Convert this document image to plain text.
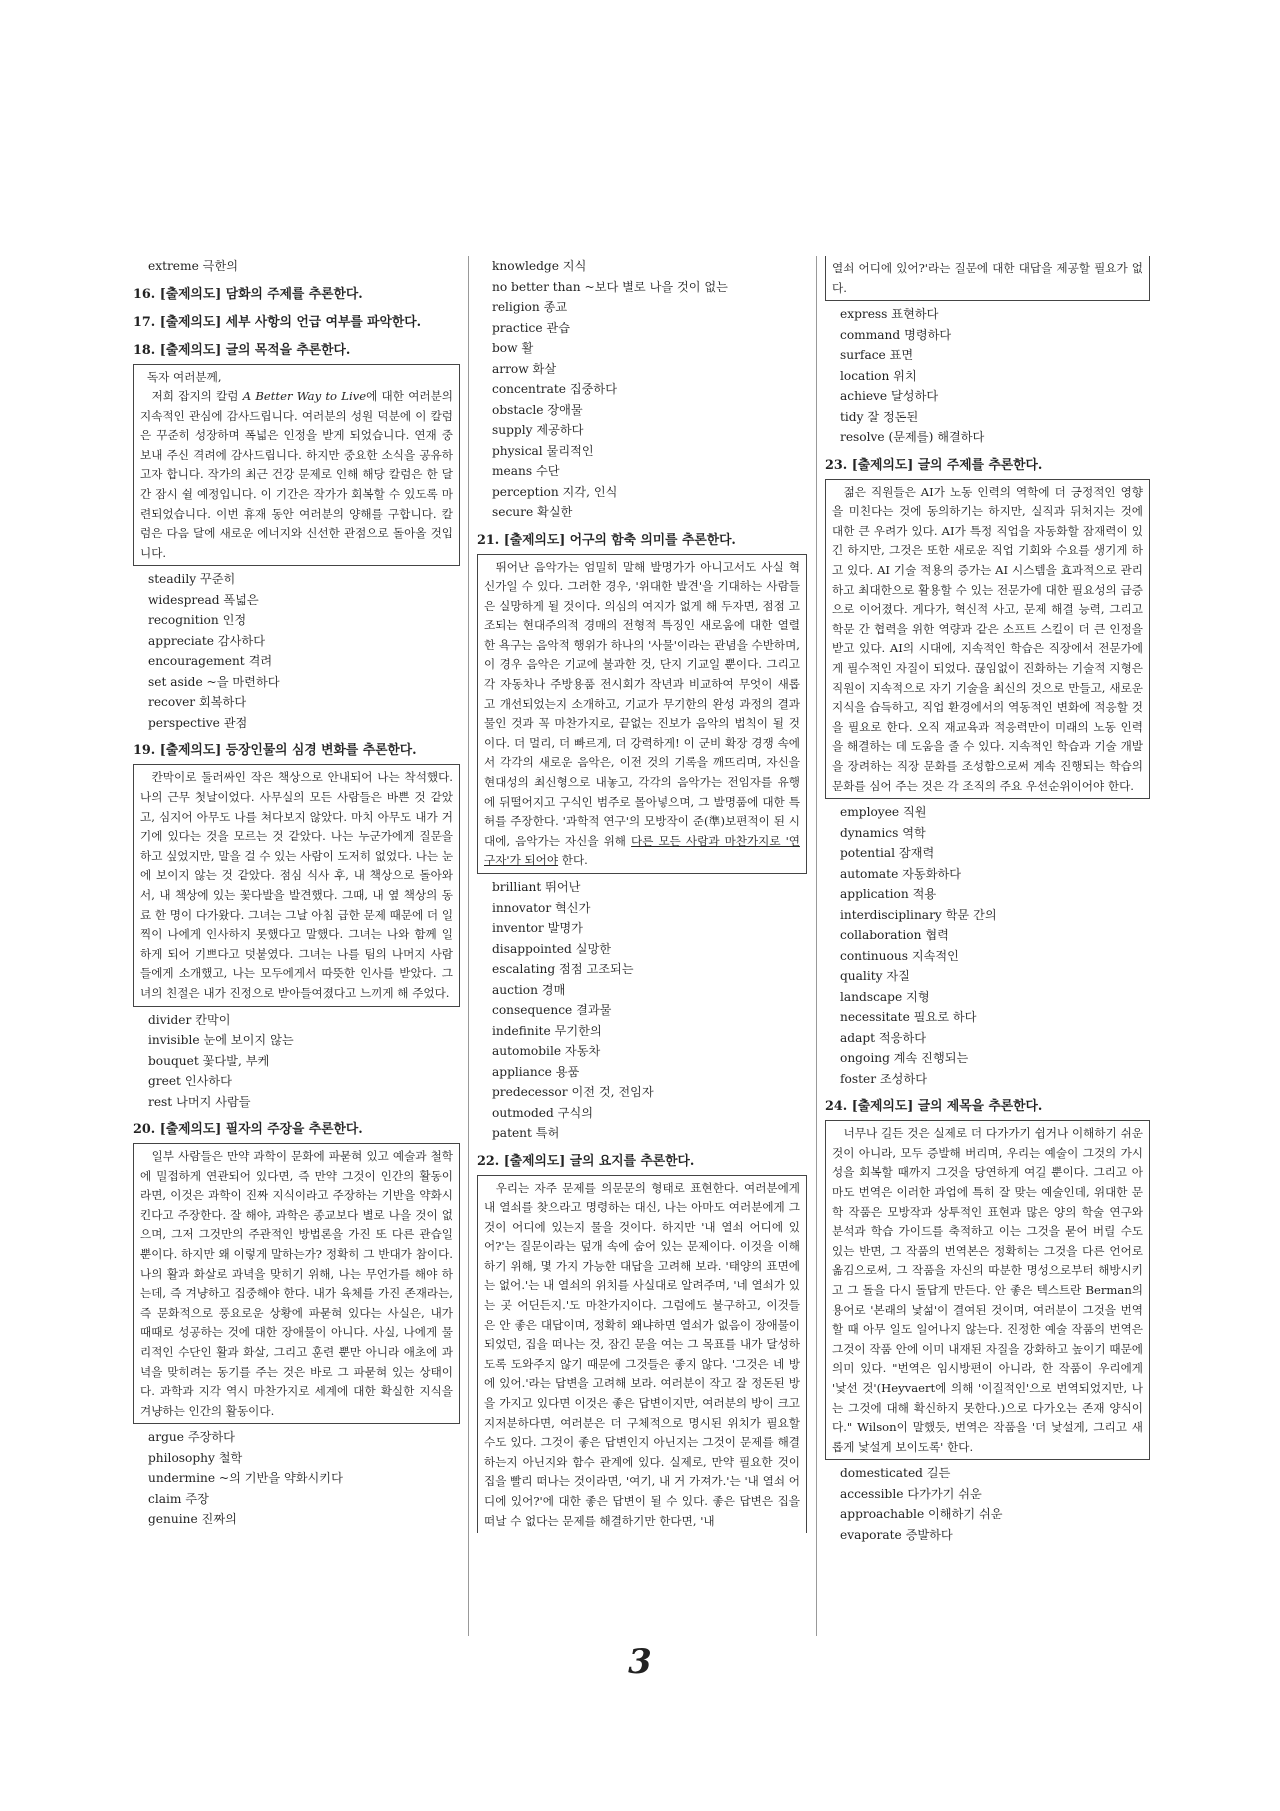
extreme 극한의
16. [출제의도] 담화의 주제를 추론한다.
17. [출제의도] 세부 사항의 언급 여부를 파악한다.
18. [출제의도] 글의 목적을 추론한다.

독자 여러분께,

저희 잡지의 칼럼 A Better Way to Live에 대한 여러분의 지속적인 관심에 감사드립니다. 여러분의 성원 덕분에 이 칼럼은 꾸준히 성장하며 폭넓은 인정을 받게 되었습니다. 연재 중 보내 주신 격려에 감사드립니다. 하지만 중요한 소식을 공유하고자 합니다. 작가의 최근 건강 문제로 인해 해당 칼럼은 한 달간 잠시 쉴 예정입니다. 이 기간은 작가가 회복할 수 있도록 마련되었습니다. 이번 휴재 동안 여러분의 양해를 구합니다. 칼럼은 다음 달에 새로운 에너지와 신선한 관점으로 돌아올 것입니다.

steadily 꾸준히
widespread 폭넓은
recognition 인정
appreciate 감사하다
encouragement 격려
set aside ~을 마련하다
recover 회복하다
perspective 관점
19. [출제의도] 등장인물의 심경 변화를 추론한다.

칸막이로 둘러싸인 작은 책상으로 안내되어 나는 착석했다. 나의 근무 첫날이었다. 사무실의 모든 사람들은 바쁜 것 같았고, 심지어 아무도 나를 쳐다보지 않았다. 마치 아무도 내가 거기에 있다는 것을 모르는 것 같았다. 나는 누군가에게 질문을 하고 싶었지만, 말을 걸 수 있는 사람이 도저히 없었다. 나는 눈에 보이지 않는 것 같았다. 점심 식사 후, 내 책상으로 돌아와서, 내 책상에 있는 꽃다발을 발견했다. 그때, 내 옆 책상의 동료 한 명이 다가왔다. 그녀는 그날 아침 급한 문제 때문에 더 일찍이 나에게 인사하지 못했다고 말했다. 그녀는 나와 함께 일하게 되어 기쁘다고 덧붙였다. 그녀는 나를 팀의 나머지 사람들에게 소개했고, 나는 모두에게서 따뜻한 인사를 받았다. 그녀의 친절은 내가 진정으로 받아들여졌다고 느끼게 해 주었다.

divider 칸막이
invisible 눈에 보이지 않는
bouquet 꽃다발, 부케
greet 인사하다
rest 나머지 사람들
20. [출제의도] 필자의 주장을 추론한다.

일부 사람들은 만약 과학이 문화에 파묻혀 있고 예술과 철학에 밀접하게 연관되어 있다면, 즉 만약 그것이 인간의 활동이라면, 이것은 과학이 진짜 지식이라고 주장하는 기반을 약화시킨다고 주장한다. 잘 해야, 과학은 종교보다 별로 나을 것이 없으며, 그저 그것만의 주관적인 방법론을 가진 또 다른 관습일 뿐이다. 하지만 왜 이렇게 말하는가? 정확히 그 반대가 참이다. 나의 활과 화살로 과녁을 맞히기 위해, 나는 무언가를 해야 하는데, 즉 겨냥하고 집중해야 한다. 내가 육체를 가진 존재라는, 즉 문화적으로 풍요로운 상황에 파묻혀 있다는 사실은, 내가 때때로 성공하는 것에 대한 장애물이 아니다. 사실, 나에게 물리적인 수단인 활과 화살, 그리고 훈련 뿐만 아니라 애초에 과녁을 맞히려는 동기를 주는 것은 바로 그 파묻혀 있는 상태이다. 과학과 지각 역시 마찬가지로 세계에 대한 확실한 지식을 겨냥하는 인간의 활동이다.

argue 주장하다
philosophy 철학
undermine ~의 기반을 약화시키다
claim 주장
genuine 진짜의
knowledge 지식
no better than ~보다 별로 나을 것이 없는
religion 종교
practice 관습
bow 활
arrow 화살
concentrate 집중하다
obstacle 장애물
supply 제공하다
physical 물리적인
means 수단
perception 지각, 인식
secure 확실한
21. [출제의도] 어구의 함축 의미를 추론한다.

뛰어난 음악가는 엄밀히 말해 발명가가 아니고서도 사실 혁신가일 수 있다. 그러한 경우, '위대한 발견'을 기대하는 사람들은 실망하게 될 것이다. 의심의 여지가 없게 해 두자면, 점점 고조되는 현대주의적 경매의 전형적 특징인 새로움에 대한 열렬한 욕구는 음악적 행위가 하나의 '사물'이라는 관념을 수반하며, 이 경우 음악은 기교에 불과한 것, 단지 기교일 뿐이다. 그리고 각 자동차나 주방용품 전시회가 작년과 비교하여 무엇이 새롭고 개선되었는지 소개하고, 기교가 무기한의 완성 과정의 결과물인 것과 꼭 마찬가지로, 끝없는 진보가 음악의 법칙이 될 것이다. 더 멀리, 더 빠르게, 더 강력하게! 이 군비 확장 경쟁 속에서 각각의 새로운 음악은, 이전 것의 기록을 깨뜨리며, 자신을 현대성의 최신형으로 내놓고, 각각의 음악가는 전임자를 유행에 뒤떨어지고 구식인 범주로 몰아넣으며, 그 발명품에 대한 특허를 주장한다. '과학적 연구'의 모방작이 준(準)보편적이 된 시대에, 음악가는 자신을 위해 다른 모든 사람과 마찬가지로 '연구자'가 되어야 한다.

brilliant 뛰어난
innovator 혁신가
inventor 발명가
disappointed 실망한
escalating 점점 고조되는
auction 경매
consequence 결과물
indefinite 무기한의
automobile 자동차
appliance 용품
predecessor 이전 것, 전임자
outmoded 구식의
patent 특허
22. [출제의도] 글의 요지를 추론한다.

우리는 자주 문제를 의문문의 형태로 표현한다. 여러분에게 내 열쇠를 찾으라고 명령하는 대신, 나는 아마도 여러분에게 그것이 어디에 있는지 물을 것이다. 하지만 '내 열쇠 어디에 있어?'는 질문이라는 덮개 속에 숨어 있는 문제이다. 이것을 이해하기 위해, 몇 가지 가능한 대답을 고려해 보라. '태양의 표면에는 없어.'는 내 열쇠의 위치를 사실대로 알려주며, '네 열쇠가 있는 곳 어딘든지.'도 마찬가지이다. 그럼에도 불구하고, 이것들은 안 좋은 대답이며, 정확히 왜냐하면 열쇠가 없음이 장애물이 되었던, 집을 떠나는 것, 잠긴 문을 여는 그 목표를 내가 달성하도록 도와주지 않기 때문에 그것들은 좋지 않다. '그것은 네 방에 있어.'라는 답변을 고려해 보라. 여러분이 작고 잘 정돈된 방을 가지고 있다면 이것은 좋은 답변이지만, 여러분의 방이 크고 지저분하다면, 여러분은 더 구체적으로 명시된 위치가 필요할 수도 있다. 그것이 좋은 답변인지 아닌지는 그것이 문제를 해결하는지 아닌지와 함수 관계에 있다. 실제로, 만약 필요한 것이 집을 빨리 떠나는 것이라면, '여기, 내 거 가져가.'는 '내 열쇠 어디에 있어?'에 대한 좋은 답변이 될 수 있다. 좋은 답변은 집을 떠날 수 없다는 문제를 해결하기만 한다면, '내

열쇠 어디에 있어?'라는 질문에 대한 대답을 제공할 필요가 없다.

express 표현하다
command 명령하다
surface 표면
location 위치
achieve 달성하다
tidy 잘 정돈된
resolve (문제를) 해결하다
23. [출제의도] 글의 주제를 추론한다.

젊은 직원들은 AI가 노동 인력의 역학에 더 긍정적인 영향을 미친다는 것에 동의하기는 하지만, 실직과 뒤처지는 것에 대한 큰 우려가 있다. AI가 특정 직업을 자동화할 잠재력이 있긴 하지만, 그것은 또한 새로운 직업 기회와 수요를 생기게 하고 있다. AI 기술 적용의 증가는 AI 시스템을 효과적으로 관리하고 최대한으로 활용할 수 있는 전문가에 대한 필요성의 급증으로 이어졌다. 게다가, 혁신적 사고, 문제 해결 능력, 그리고 학문 간 협력을 위한 역량과 같은 소프트 스킬이 더 큰 인정을 받고 있다. AI의 시대에, 지속적인 학습은 직장에서 전문가에게 필수적인 자질이 되었다. 끊임없이 진화하는 기술적 지형은 직원이 지속적으로 자기 기술을 최신의 것으로 만들고, 새로운 지식을 습득하고, 직업 환경에서의 역동적인 변화에 적응할 것을 필요로 한다. 오직 재교육과 적응력만이 미래의 노동 인력을 해결하는 데 도움을 줄 수 있다. 지속적인 학습과 기술 개발을 장려하는 직장 문화를 조성함으로써 계속 진행되는 학습의 문화를 심어 주는 것은 각 조직의 주요 우선순위이어야 한다.

employee 직원
dynamics 역학
potential 잠재력
automate 자동화하다
application 적용
interdisciplinary 학문 간의
collaboration 협력
continuous 지속적인
quality 자질
landscape 지형
necessitate 필요로 하다
adapt 적응하다
ongoing 계속 진행되는
foster 조성하다
24. [출제의도] 글의 제목을 추론한다.

너무나 길든 것은 실제로 더 다가가기 쉽거나 이해하기 쉬운 것이 아니라, 모두 증발해 버리며, 우리는 예술이 그것의 가시성을 회복할 때까지 그것을 당연하게 여길 뿐이다. 그리고 아마도 번역은 이러한 과업에 특히 잘 맞는 예술인데, 위대한 문학 작품은 모방작과 상투적인 표현과 많은 양의 학술 연구와 분석과 학습 가이드를 축적하고 이는 그것을 묻어 버릴 수도 있는 반면, 그 작품의 번역본은 정확히는 그것을 다른 언어로 옮김으로써, 그 작품을 자신의 따분한 명성으로부터 해방시키고 그 돌을 다시 돌답게 만든다. 안 좋은 텍스트란 Berman의 용어로 '본래의 낯섦'이 결여된 것이며, 여러분이 그것을 번역할 때 아무 일도 일어나지 않는다. 진정한 예술 작품의 번역은 그것이 작품 안에 이미 내재된 자질을 강화하고 높이기 때문에 의미 있다. "번역은 임시방편이 아니라, 한 작품이 우리에게 '낯선 것'(Heyvaert에 의해 '이질적인'으로 번역되었지만, 나는 그것에 대해 확신하지 못한다.)으로 다가오는 존재 양식이다." Wilson이 말했듯, 번역은 작품을 '더 낯설게, 그리고 새롭게 낯설게 보이도록' 한다.

domesticated 길든
accessible 다가가기 쉬운
approachable 이해하기 쉬운
evaporate 증발하다
3
